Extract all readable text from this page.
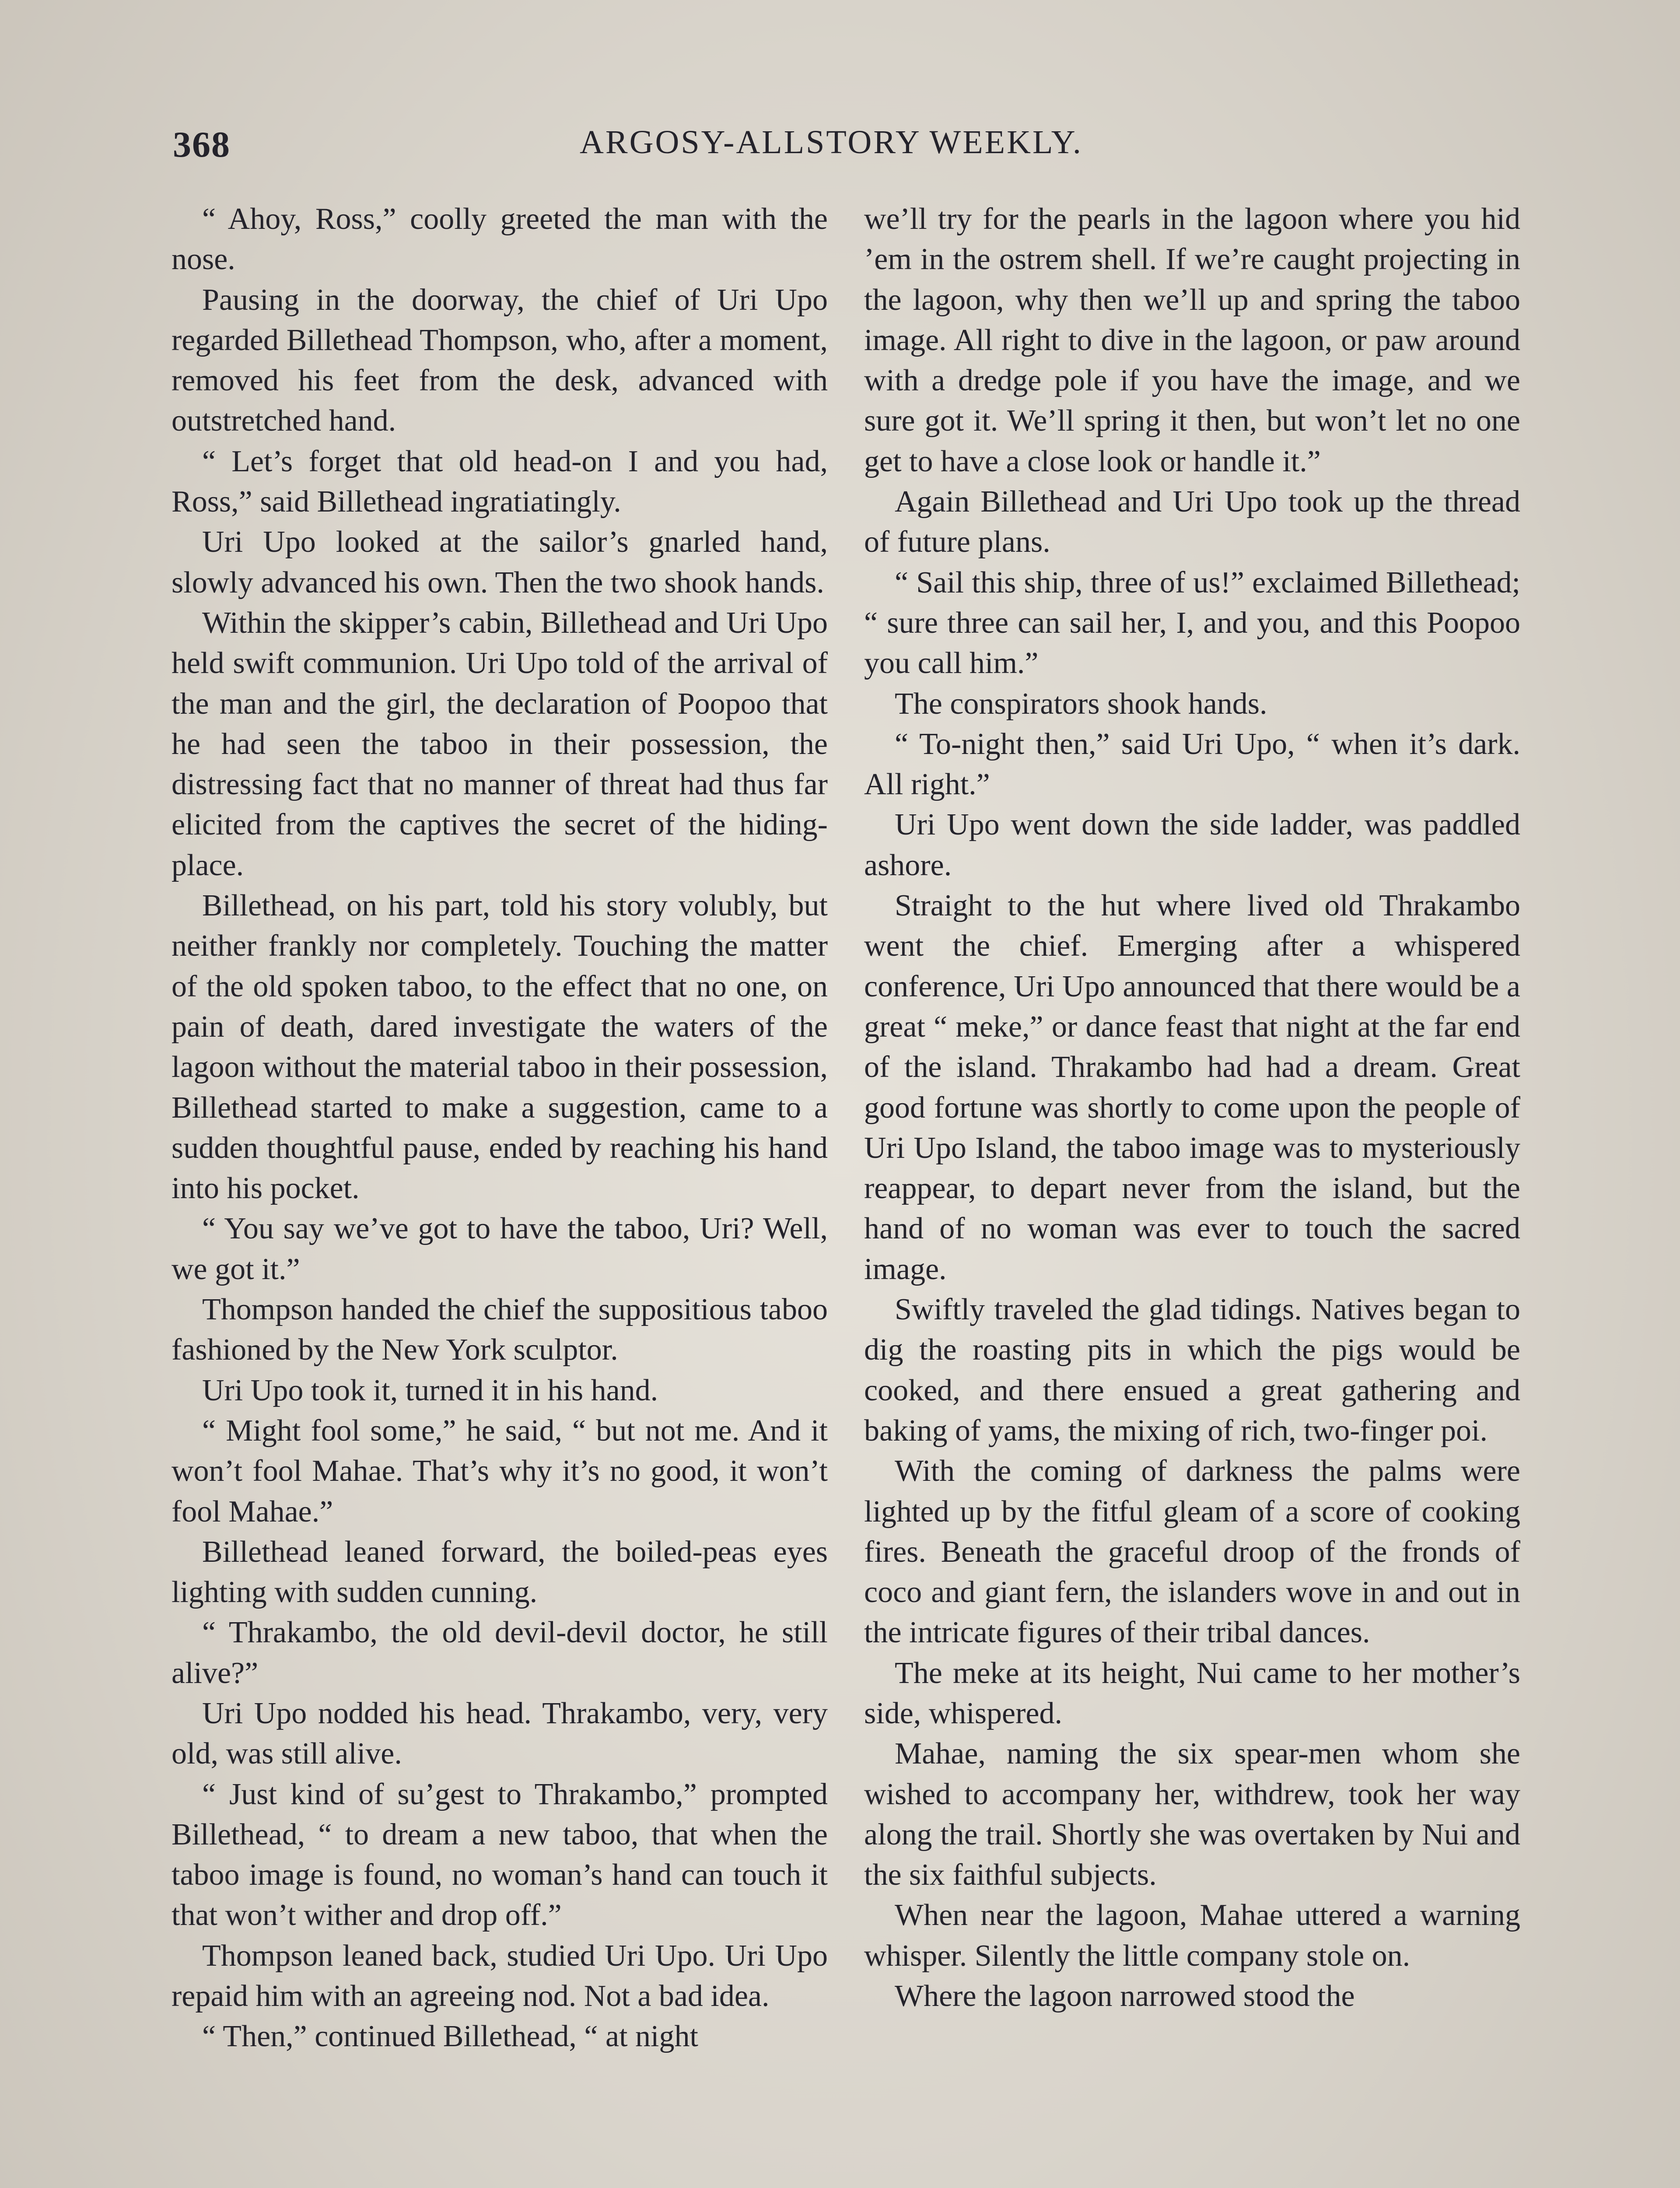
368	ARGOSY-ALLSTORY WEEKLY.

“ Ahoy, Ross,” coolly greeted the man with the nose.

Pausing in the doorway, the chief of Uri Upo regarded Billethead Thompson, who, after a moment, removed his feet from the desk, advanced with outstretched hand.

“ Let’s forget that old head-on I and you had, Ross,” said Billethead ingratiatingly.

Uri Upo looked at the sailor’s gnarled hand, slowly advanced his own. Then the two shook hands.

Within the skipper’s cabin, Billethead and Uri Upo held swift communion. Uri Upo told of the arrival of the man and the girl, the declaration of Poopoo that he had seen the taboo in their possession, the distressing fact that no manner of threat had thus far elicited from the captives the secret of the hiding-place.

Billethead, on his part, told his story volubly, but neither frankly nor completely. Touching the matter of the old spoken taboo, to the effect that no one, on pain of death, dared investigate the waters of the lagoon without the material taboo in their possession, Billethead started to make a suggestion, came to a sudden thoughtful pause, ended by reaching his hand into his pocket.

“ You say we’ve got to have the taboo, Uri? Well, we got it.”

Thompson handed the chief the suppositious taboo fashioned by the New York sculptor.

Uri Upo took it, turned it in his hand.

“ Might fool some,” he said, “ but not me. And it won’t fool Mahae. That’s why it’s no good, it won’t fool Mahae.”

Billethead leaned forward, the boiled-peas eyes lighting with sudden cunning.

“ Thrakambo, the old devil-devil doctor, he still alive?”

Uri Upo nodded his head. Thrakambo, very, very old, was still alive.

“ Just kind of su’gest to Thrakambo,” prompted Billethead, “ to dream a new taboo, that when the taboo image is found, no woman’s hand can touch it that won’t wither and drop off.”

Thompson leaned back, studied Uri Upo. Uri Upo repaid him with an agreeing nod. Not a bad idea.

“ Then,” continued Billethead, “ at night

we’ll try for the pearls in the lagoon where you hid ’em in the ostrem shell. If we’re caught projecting in the lagoon, why then we’ll up and spring the taboo image. All right to dive in the lagoon, or paw around with a dredge pole if you have the image, and we sure got it. We’ll spring it then, but won’t let no one get to have a close look or handle it.”

Again Billethead and Uri Upo took up the thread of future plans.

“ Sail this ship, three of us!” exclaimed Billethead; “ sure three can sail her, I, and you, and this Poopoo you call him.”

The conspirators shook hands.

“ To-night then,” said Uri Upo, “ when it’s dark. All right.”

Uri Upo went down the side ladder, was paddled ashore.

Straight to the hut where lived old Thrakambo went the chief. Emerging after a whispered conference, Uri Upo announced that there would be a great “ meke,” or dance feast that night at the far end of the island. Thrakambo had had a dream. Great good fortune was shortly to come upon the people of Uri Upo Island, the taboo image was to mysteriously reappear, to depart never from the island, but the hand of no woman was ever to touch the sacred image.

Swiftly traveled the glad tidings. Natives began to dig the roasting pits in which the pigs would be cooked, and there ensued a great gathering and baking of yams, the mixing of rich, two-finger poi.

With the coming of darkness the palms were lighted up by the fitful gleam of a score of cooking fires. Beneath the graceful droop of the fronds of coco and giant fern, the islanders wove in and out in the intricate figures of their tribal dances.

The meke at its height, Nui came to her mother’s side, whispered.

Mahae, naming the six spear-men whom she wished to accompany her, withdrew, took her way along the trail. Shortly she was overtaken by Nui and the six faithful subjects.

When near the lagoon, Mahae uttered a warning whisper. Silently the little company stole on.

Where the lagoon narrowed stood the
